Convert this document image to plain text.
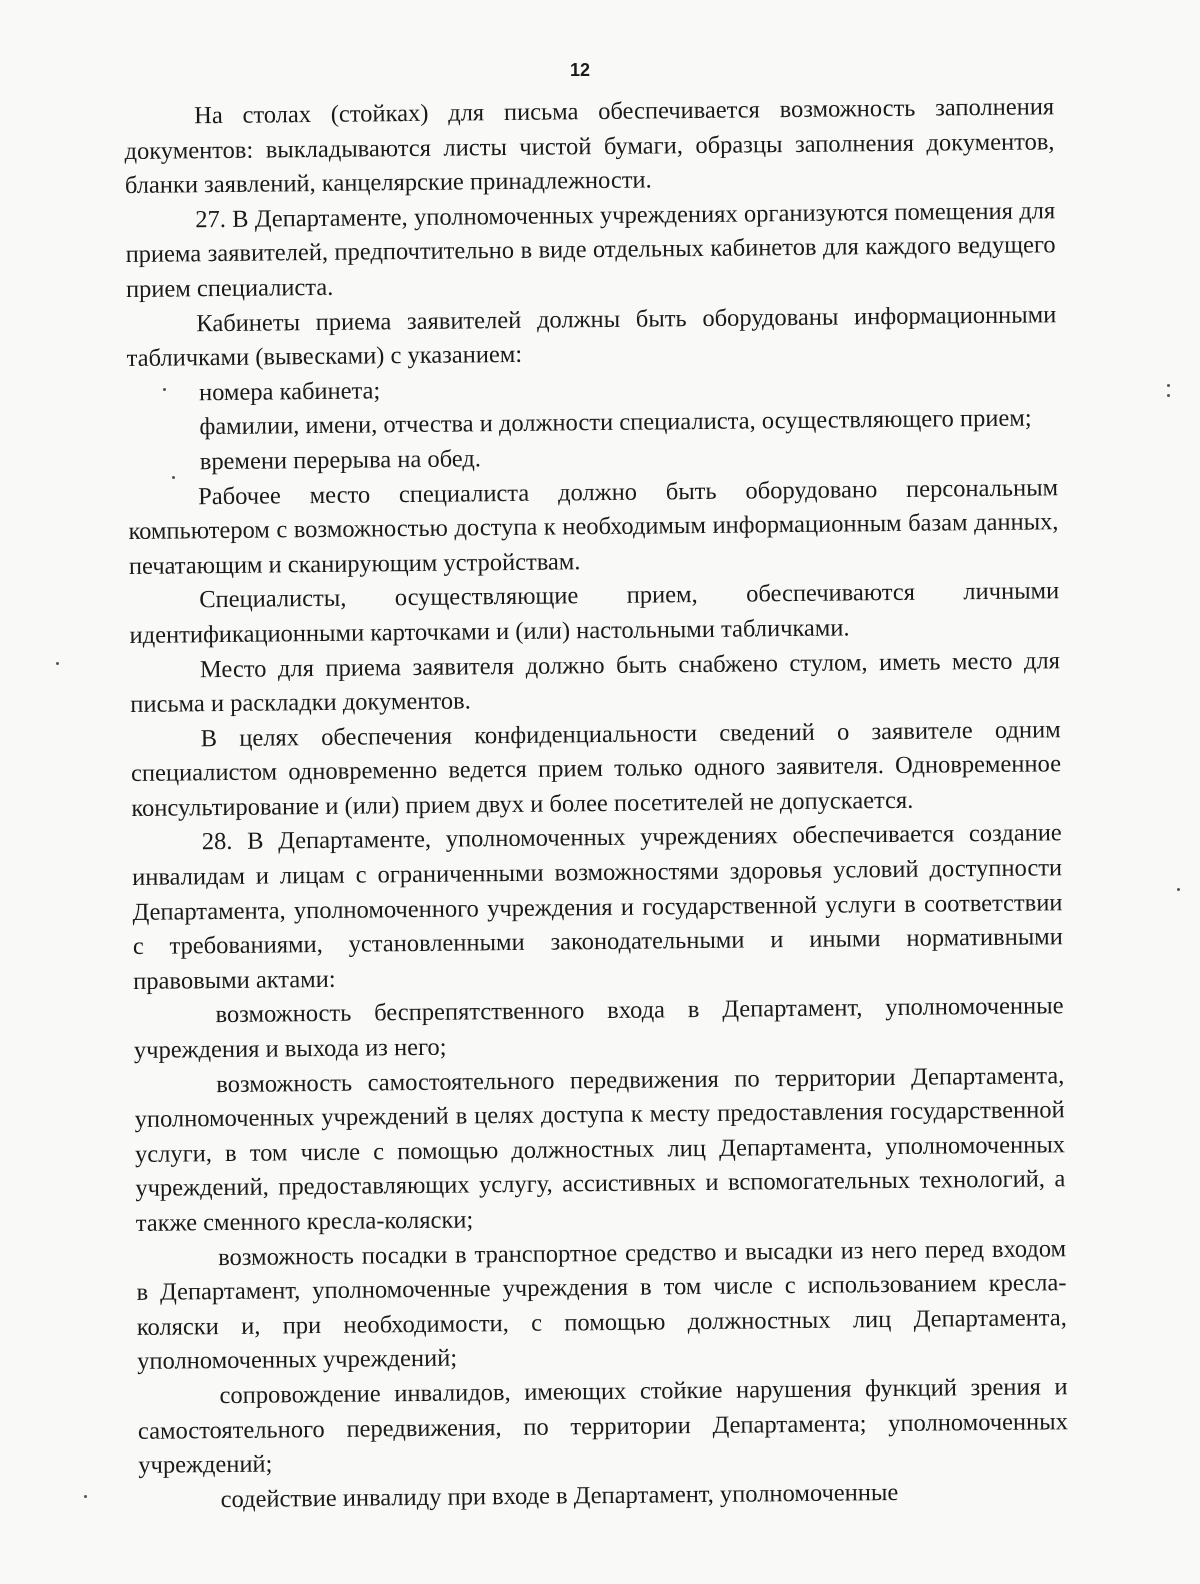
12

На столах (стойках) для письма обеспечивается возможность заполнения документов: выкладываются листы чистой бумаги, образцы заполнения документов, бланки заявлений, канцелярские принадлежности.

27. В Департаменте, уполномоченных учреждениях организуются помещения для приема заявителей, предпочтительно в виде отдельных кабинетов для каждого ведущего прием специалиста.

Кабинеты приема заявителей должны быть оборудованы информационными табличками (вывесками) с указанием:

номера кабинета;

фамилии, имени, отчества и должности специалиста, осуществляющего прием;

времени перерыва на обед.

Рабочее место специалиста должно быть оборудовано персональным компьютером с возможностью доступа к необходимым информационным базам данных, печатающим и сканирующим устройствам.

Специалисты, осуществляющие прием, обеспечиваются личными идентификационными карточками и (или) настольными табличками.

Место для приема заявителя должно быть снабжено стулом, иметь место для письма и раскладки документов.

В целях обеспечения конфиденциальности сведений о заявителе одним специалистом одновременно ведется прием только одного заявителя. Одновременное консультирование и (или) прием двух и более посетителей не допускается.

28. В Департаменте, уполномоченных учреждениях обеспечивается создание инвалидам и лицам с ограниченными возможностями здоровья условий доступности Департамента, уполномоченного учреждения и государственной услуги в соответствии с требованиями, установленными законодательными и иными нормативными правовыми актами:

возможность беспрепятственного входа в Департамент, уполномоченные учреждения и выхода из него;

возможность самостоятельного передвижения по территории Департамента, уполномоченных учреждений в целях доступа к месту предоставления государственной услуги, в том числе с помощью должностных лиц Департамента, уполномоченных учреждений, предоставляющих услугу, ассистивных и вспомогательных технологий, а также сменного кресла-коляски;

возможность посадки в транспортное средство и высадки из него перед входом в Департамент, уполномоченные учреждения в том числе с использованием кресла-коляски и, при необходимости, с помощью должностных лиц Департамента, уполномоченных учреждений;

сопровождение инвалидов, имеющих стойкие нарушения функций зрения и самостоятельного передвижения, по территории Департамента; уполномоченных учреждений;

содействие инвалиду при входе в Департамент, уполномоченные
